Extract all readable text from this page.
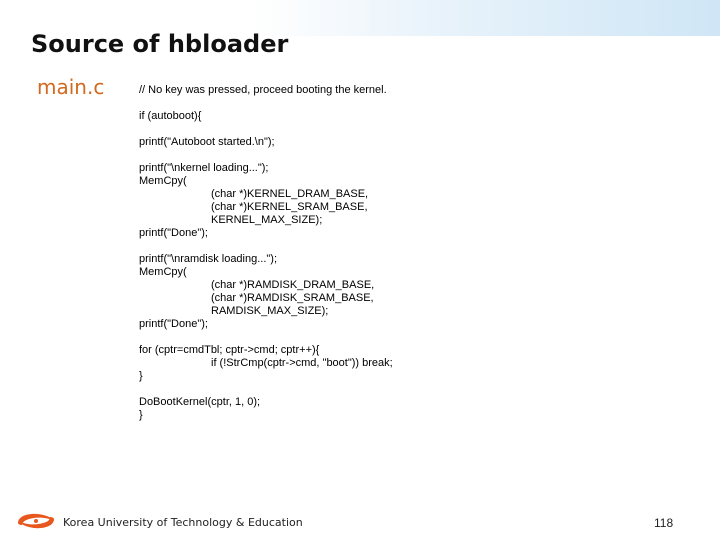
Source of hbloader
main.c	// No key was pressed, proceed booting the kernel.
if (autoboot){
printf("Autoboot started.\n");
printf("\nkernel loading...");
MemCpy(
(char *)KERNEL_DRAM_BASE,
(char *)KERNEL_SRAM_BASE,
KERNEL_MAX_SIZE);
printf("Done");
printf("\nramdisk loading...");
MemCpy(
(char *)RAMDISK_DRAM_BASE,
(char *)RAMDISK_SRAM_BASE,
RAMDISK_MAX_SIZE);
printf("Done");
for (cptr=cmdTbl; cptr->cmd; cptr++){
if (!StrCmp(cptr->cmd, "boot")) break;
}
DoBootKernel(cptr, 1, 0);
}
Korea University of Technology & Education	118
